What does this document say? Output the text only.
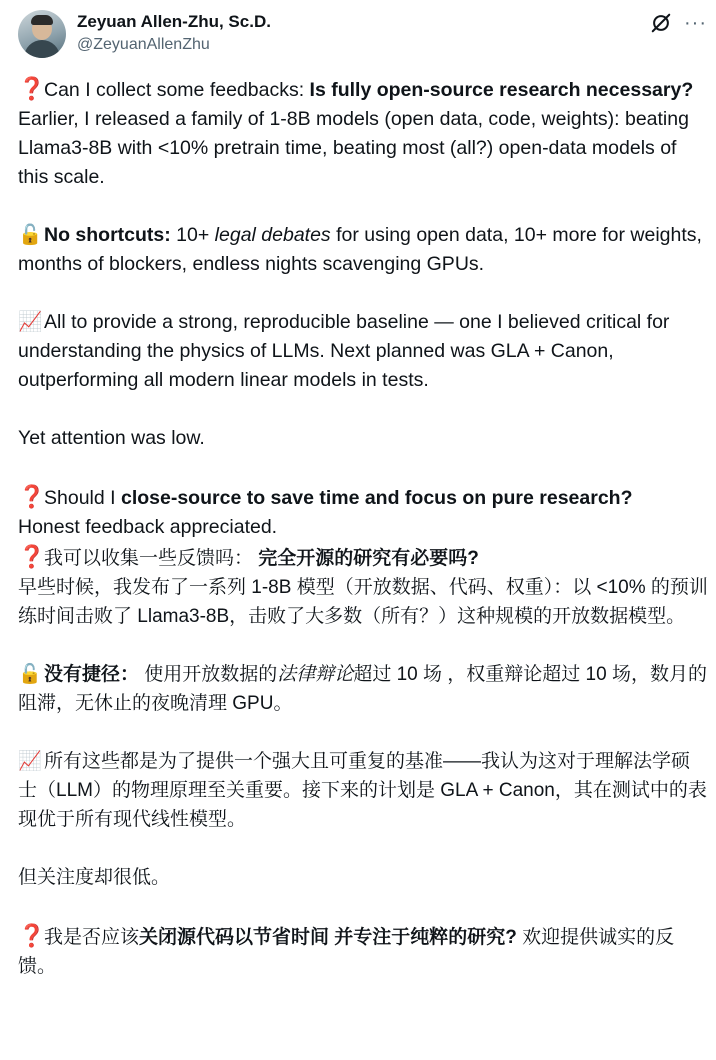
Zeyuan Allen-Zhu, Sc.D.
@ZeyuanAllenZhu
···

❓Can I collect some feedbacks: Is fully open-source research necessary?

Earlier, I released a family of 1-8B models (open data, code, weights): beating Llama3-8B with <10% pretrain time, beating most (all?) open-data models of this scale.

🔓No shortcuts: 10+ legal debates for using open data, 10+ more for weights, months of blockers, endless nights scavenging GPUs.

📈All to provide a strong, reproducible baseline — one I believed critical for understanding the physics of LLMs. Next planned was GLA + Canon, outperforming all modern linear models in tests.

Yet attention was low.

❓Should I close-source to save time and focus on pure research?

Honest feedback appreciated.

❓我可以收集一些反馈吗： 完全开源的研究有必要吗?

早些时候，我发布了一系列 1-8B 模型（开放数据、代码、权重）：以 <10% 的预训练时间击败了 Llama3-8B，击败了大多数（所有？）这种规模的开放数据模型。

🔓 没有捷径： 使用开放数据的法律辩论超过 10 场 ，权重辩论超过 10 场，数月的阻滞，无休止的夜晚清理 GPU。

📈 所有这些都是为了提供一个强大且可重复的基准——我认为这对于理解法学硕士（LLM）的物理原理至关重要。接下来的计划是 GLA + Canon，其在测试中的表现优于所有现代线性模型。

但关注度却很低。

❓我是否应该关闭源代码以节省时间 并专注于纯粹的研究? 欢迎提供诚实的反馈。
